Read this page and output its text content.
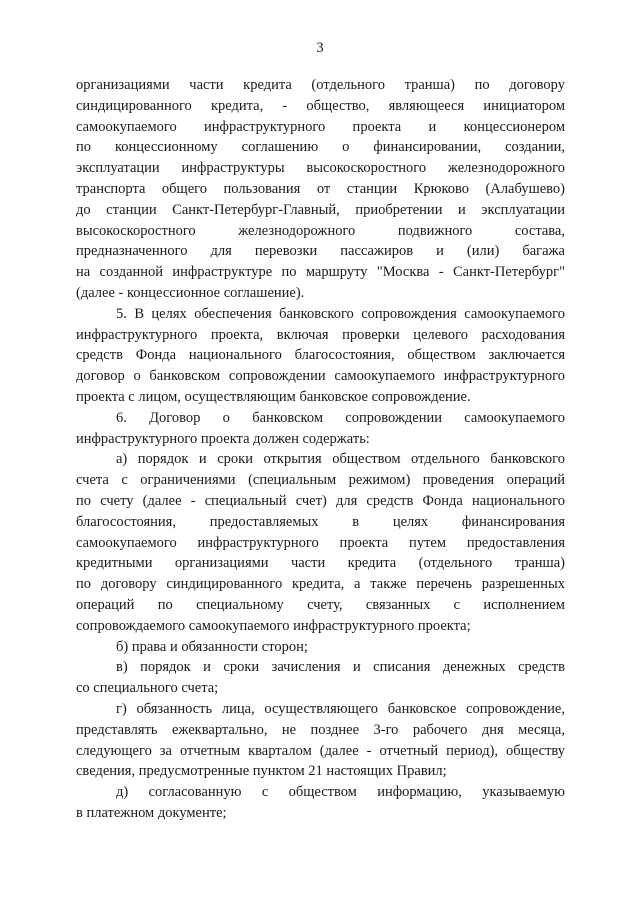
3
организациями части кредита (отдельного транша) по договору
синдицированного кредита, - общество, являющееся инициатором
самоокупаемого инфраструктурного проекта и концессионером
по концессионному соглашению о финансировании, создании,
эксплуатации инфраструктуры высокоскоростного железнодорожного
транспорта общего пользования от станции Крюково (Алабушево)
до станции Санкт-Петербург-Главный, приобретении и эксплуатации
высокоскоростного железнодорожного подвижного состава,
предназначенного для перевозки пассажиров и (или) багажа
на созданной инфраструктуре по маршруту "Москва - Санкт-Петербург"
(далее - концессионное соглашение).
5. В целях обеспечения банковского сопровождения самоокупаемого
инфраструктурного проекта, включая проверки целевого расходования
средств Фонда национального благосостояния, обществом заключается
договор о банковском сопровождении самоокупаемого инфраструктурного
проекта с лицом, осуществляющим банковское сопровождение.
6. Договор о банковском сопровождении самоокупаемого
инфраструктурного проекта должен содержать:
а) порядок и сроки открытия обществом отдельного банковского
счета с ограничениями (специальным режимом) проведения операций
по счету (далее - специальный счет) для средств Фонда национального
благосостояния, предоставляемых в целях финансирования
самоокупаемого инфраструктурного проекта путем предоставления
кредитными организациями части кредита (отдельного транша)
по договору синдицированного кредита, а также перечень разрешенных
операций по специальному счету, связанных с исполнением
сопровождаемого самоокупаемого инфраструктурного проекта;
б) права и обязанности сторон;
в) порядок и сроки зачисления и списания денежных средств
со специального счета;
г) обязанность лица, осуществляющего банковское сопровождение,
представлять ежеквартально, не позднее 3-го рабочего дня месяца,
следующего за отчетным кварталом (далее - отчетный период), обществу
сведения, предусмотренные пунктом 21 настоящих Правил;
д) согласованную с обществом информацию, указываемую
в платежном документе;
